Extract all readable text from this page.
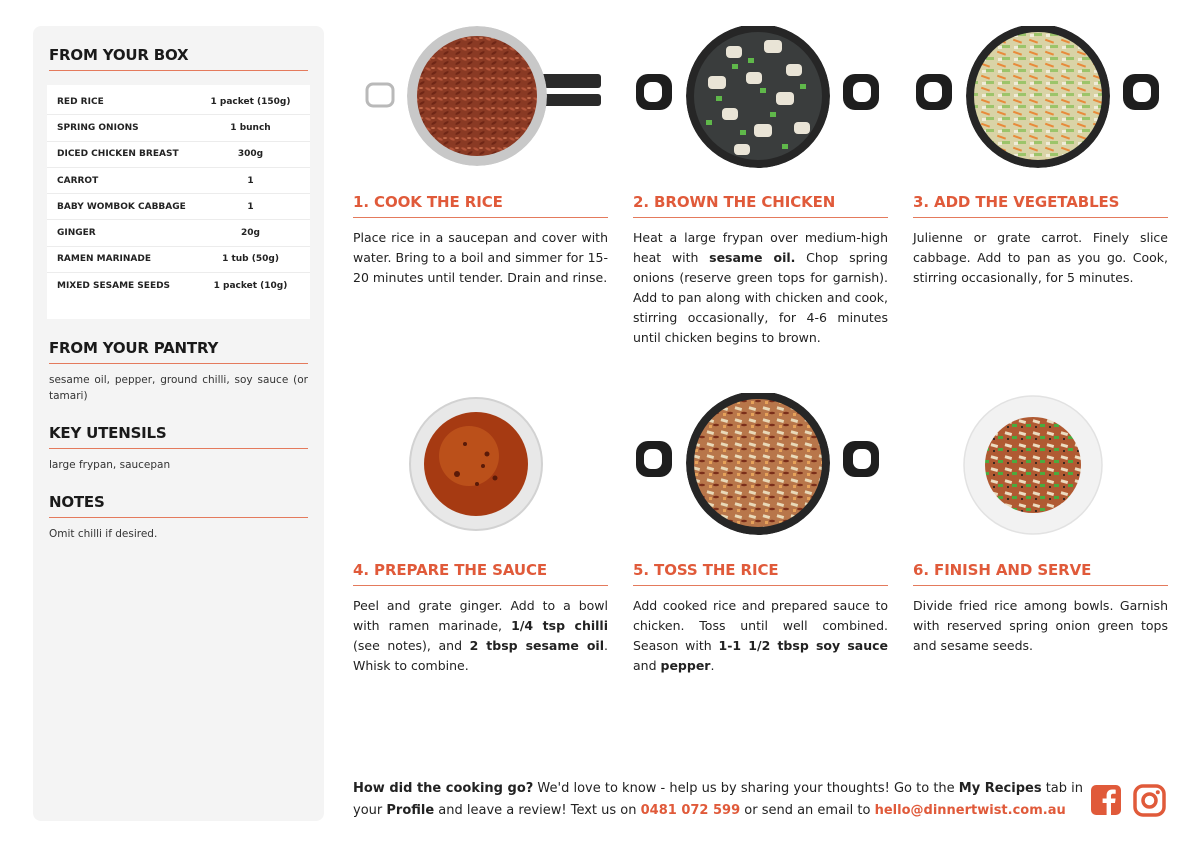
FROM YOUR BOX
RED RICE	1 packet (150g)
SPRING ONIONS	1 bunch
DICED CHICKEN BREAST	300g
CARROT	1
BABY WOMBOK CABBAGE	1
GINGER	20g
RAMEN MARINADE	1 tub (50g)
MIXED SESAME SEEDS	1 packet (10g)
FROM YOUR PANTRY
sesame oil, pepper, ground chilli, soy sauce (or tamari)
KEY UTENSILS
large frypan, saucepan
NOTES
Omit chilli if desired.
1. COOK THE RICE
Place rice in a saucepan and cover with water. Bring to a boil and simmer for 15-20 minutes until tender. Drain and rinse.
2. BROWN THE CHICKEN
Heat a large frypan over medium-high heat with sesame oil. Chop spring onions (reserve green tops for garnish). Add to pan along with chicken and cook, stirring occasionally, for 4-6 minutes until chicken begins to brown.
3. ADD THE VEGETABLES
Julienne or grate carrot. Finely slice cabbage. Add to pan as you go. Cook, stirring occasionally, for 5 minutes.
4. PREPARE THE SAUCE
Peel and grate ginger. Add to a bowl with ramen marinade, 1/4 tsp chilli (see notes), and 2 tbsp sesame oil. Whisk to combine.
5. TOSS THE RICE
Add cooked rice and prepared sauce to chicken. Toss until well combined. Season with 1-1 1/2 tbsp soy sauce and pepper.
6. FINISH AND SERVE
Divide fried rice among bowls. Garnish with reserved spring onion green tops and sesame seeds.
How did the cooking go? We'd love to know - help us by sharing your thoughts! Go to the My Recipes tab in your Profile and leave a review! Text us on 0481 072 599 or send an email to hello@dinnertwist.com.au
